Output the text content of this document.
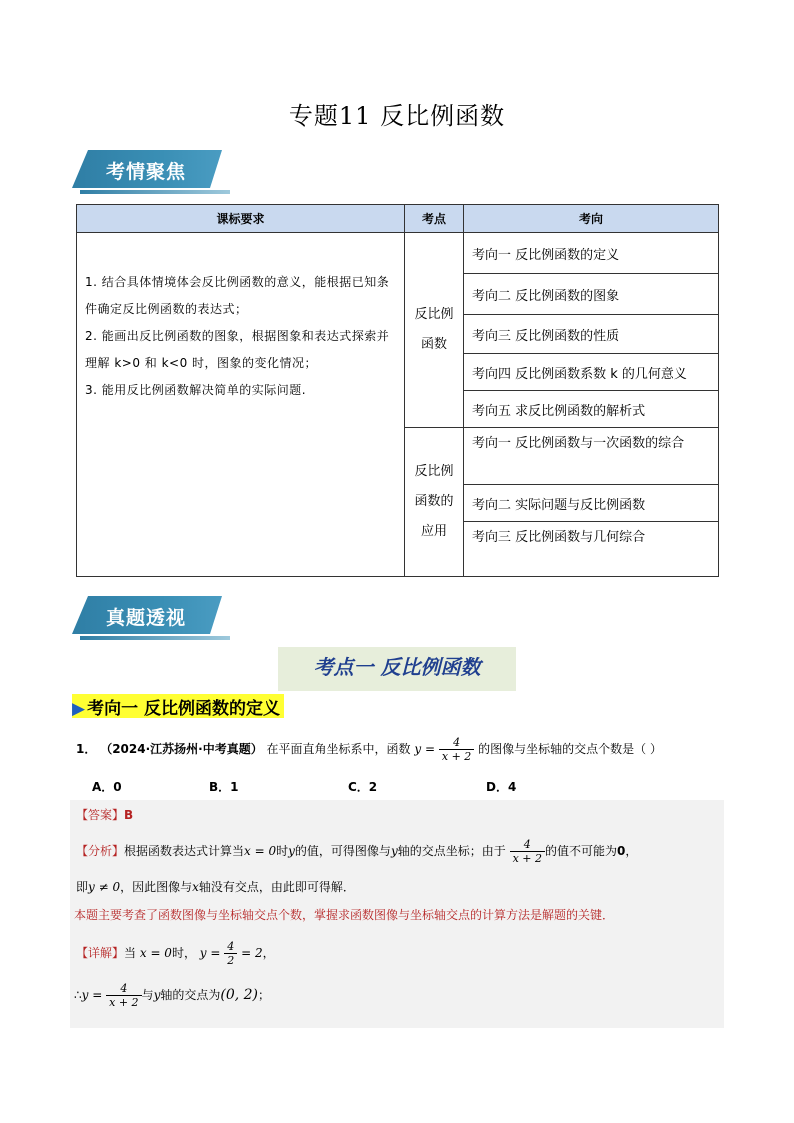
专题11 反比例函数
考情聚焦
课标要求	考点	考向

1. 结合具体情境体会反比例函数的意义，能根据已知条件确定反比例函数的表达式；
2. 能画出反比例函数的图象，根据图象和表达式探索并理解 k>0 和 k<0 时，图象的变化情况；
3. 能用反比例函数解决简单的实际问题.	反比例函数	考向一 反比例函数的定义
		考向二 反比例函数的图象
		考向三 反比例函数的性质
		考向四 反比例函数系数 k 的几何意义
		考向五 求反比例函数的解析式

	反比例函数的应用	考向一 反比例函数与一次函数的综合
		考向二 实际问题与反比例函数
		考向三 反比例函数与几何综合
真题透视
考点一 反比例函数
▶ 考向一 反比例函数的定义
1． （2024·江苏扬州·中考真题） 在平面直角坐标系中，函数 $y = \frac{4}{x + 2}$ 的图像与坐标轴的交点个数是（ ）
A．0	B．1	C．2	D．4
【答案】B
【分析】根据函数表达式计算当x = 0时y的值，可得图像与y轴的交点坐标；由于 $\frac{4}{x + 2}$ 的值不可能为0，
即y ≠ 0，因此图像与x轴没有交点，由此即可得解．
本题主要考查了函数图像与坐标轴交点个数，掌握求函数图像与坐标轴交点的计算方法是解题的关键．
【详解】当 x = 0时， $y = \frac{4}{2} = 2$，
∴y = $\frac{4}{x + 2}$ 与y轴的交点为(0, 2)；
